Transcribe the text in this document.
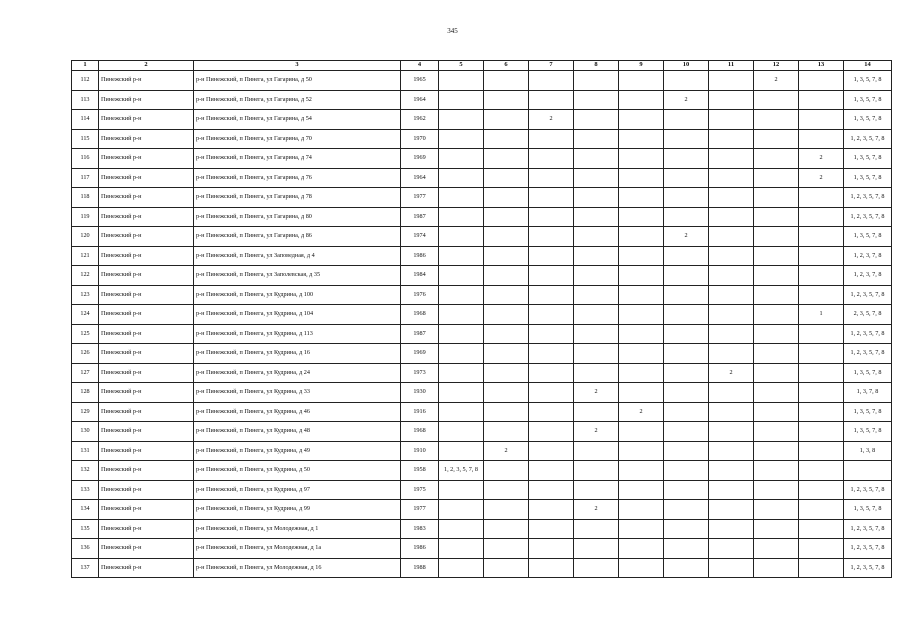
345
1	2	3	4	5	6	7	8	9	10	11	12	13	14
112	Пинежский р-н	р-н Пинежский, п Пинега, ул Гагарина, д 50	1965								2		1, 3, 5, 7, 8
113	Пинежский р-н	р-н Пинежский, п Пинега, ул Гагарина, д 52	1964						2				1, 3, 5, 7, 8
114	Пинежский р-н	р-н Пинежский, п Пинега, ул Гагарина, д 54	1962			2							1, 3, 5, 7, 8
115	Пинежский р-н	р-н Пинежский, п Пинега, ул Гагарина, д 70	1970										1, 2, 3, 5, 7, 8
116	Пинежский р-н	р-н Пинежский, п Пинега, ул Гагарина, д 74	1969									2	1, 3, 5, 7, 8
117	Пинежский р-н	р-н Пинежский, п Пинега, ул Гагарина, д 76	1964									2	1, 3, 5, 7, 8
118	Пинежский р-н	р-н Пинежский, п Пинега, ул Гагарина, д 78	1977										1, 2, 3, 5, 7, 8
119	Пинежский р-н	р-н Пинежский, п Пинега, ул Гагарина, д 80	1987										1, 2, 3, 5, 7, 8
120	Пинежский р-н	р-н Пинежский, п Пинега, ул Гагарина, д 86	1974						2				1, 3, 5, 7, 8
121	Пинежский р-н	р-н Пинежский, п Пинега, ул Заповедная, д 4	1986										1, 2, 3, 7, 8
122	Пинежский р-н	р-н Пинежский, п Пинега, ул Заполевская, д 35	1984										1, 2, 3, 7, 8
123	Пинежский р-н	р-н Пинежский, п Пинега, ул Кудрина, д 100	1976										1, 2, 3, 5, 7, 8
124	Пинежский р-н	р-н Пинежский, п Пинега, ул Кудрина, д 104	1968									1	2, 3, 5, 7, 8
125	Пинежский р-н	р-н Пинежский, п Пинега, ул Кудрина, д 113	1987										1, 2, 3, 5, 7, 8
126	Пинежский р-н	р-н Пинежский, п Пинега, ул Кудрина, д 16	1969										1, 2, 3, 5, 7, 8
127	Пинежский р-н	р-н Пинежский, п Пинега, ул Кудрина, д 24	1973							2			1, 3, 5, 7, 8
128	Пинежский р-н	р-н Пинежский, п Пинега, ул Кудрина, д 33	1930				2						1, 3, 7, 8
129	Пинежский р-н	р-н Пинежский, п Пинега, ул Кудрина, д 46	1916					2					1, 3, 5, 7, 8
130	Пинежский р-н	р-н Пинежский, п Пинега, ул Кудрина, д 48	1968				2						1, 3, 5, 7, 8
131	Пинежский р-н	р-н Пинежский, п Пинега, ул Кудрина, д 49	1910		2								1, 3, 8
132	Пинежский р-н	р-н Пинежский, п Пинега, ул Кудрина, д 50	1958	1, 2, 3, 5, 7, 8									
133	Пинежский р-н	р-н Пинежский, п Пинега, ул Кудрина, д 97	1975										1, 2, 3, 5, 7, 8
134	Пинежский р-н	р-н Пинежский, п Пинега, ул Кудрина, д 99	1977				2						1, 3, 5, 7, 8
135	Пинежский р-н	р-н Пинежский, п Пинега, ул Молодежная, д 1	1983										1, 2, 3, 5, 7, 8
136	Пинежский р-н	р-н Пинежский, п Пинега, ул Молодежная, д 1а	1986										1, 2, 3, 5, 7, 8
137	Пинежский р-н	р-н Пинежский, п Пинега, ул Молодежная, д 16	1988										1, 2, 3, 5, 7, 8
